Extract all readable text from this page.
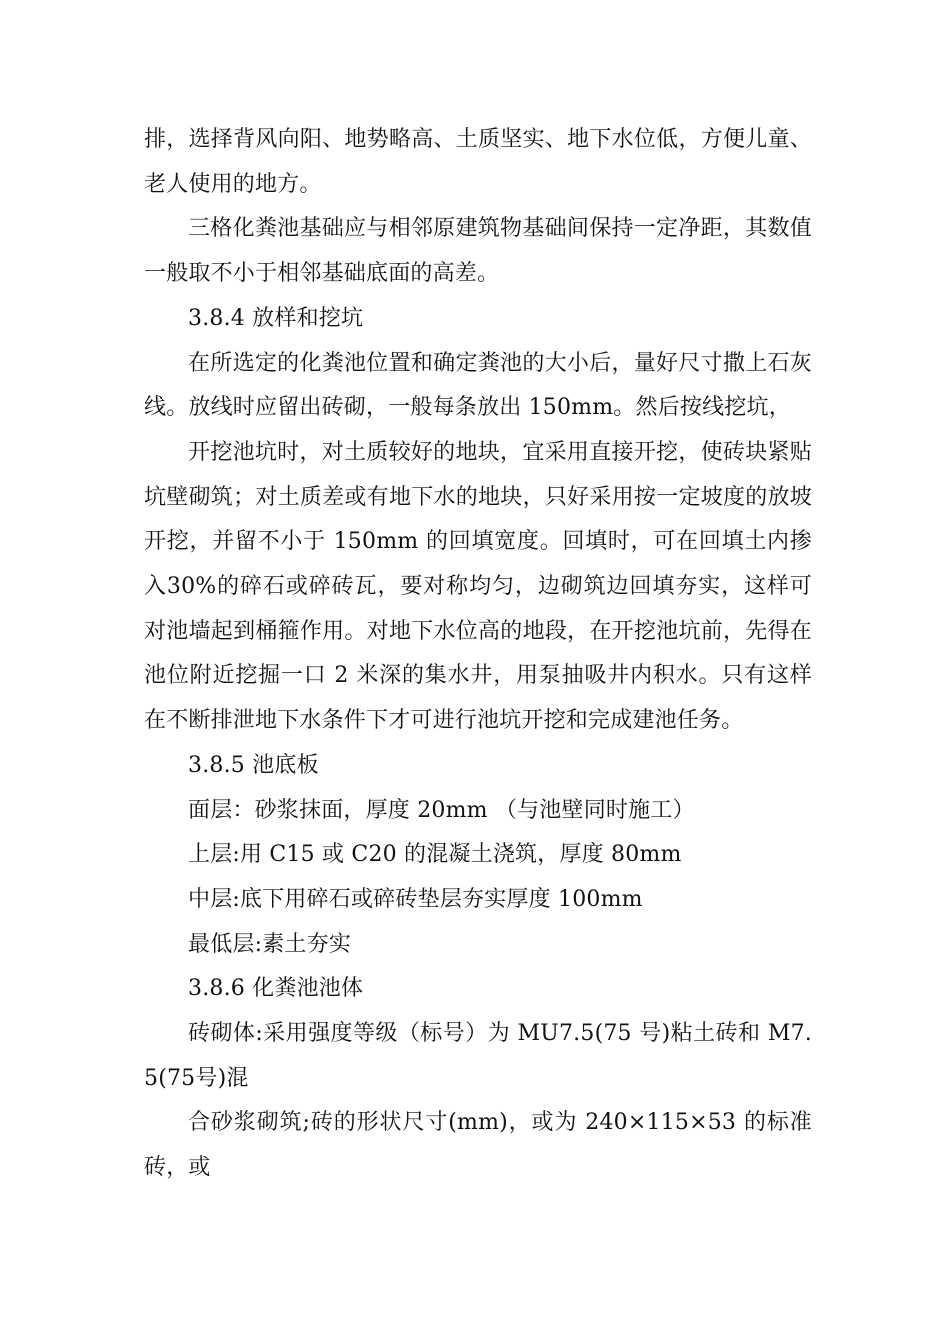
排，选择背风向阳、地势略高、土质坚实、地下水位低，方便儿童、老人使用的地方。

三格化粪池基础应与相邻原建筑物基础间保持一定净距，其数值一般取不小于相邻基础底面的高差。

3.8.4 放样和挖坑

在所选定的化粪池位置和确定粪池的大小后，量好尺寸撒上石灰线。放线时应留出砖砌，一般每条放出 150mm。然后按线挖坑，

开挖池坑时，对土质较好的地块，宜采用直接开挖，使砖块紧贴坑壁砌筑；对土质差或有地下水的地块，只好采用按一定坡度的放坡开挖，并留不小于 150mm 的回填宽度。回填时，可在回填土内掺入30%的碎石或碎砖瓦，要对称均匀，边砌筑边回填夯实，这样可对池墙起到桶箍作用。对地下水位高的地段，在开挖池坑前，先得在池位附近挖掘一口 2 米深的集水井，用泵抽吸井内积水。只有这样在不断排泄地下水条件下才可进行池坑开挖和完成建池任务。

3.8.5 池底板

面层：砂浆抹面，厚度 20mm （与池壁同时施工）

上层:用 C15 或 C20 的混凝土浇筑，厚度 80mm

中层:底下用碎石或碎砖垫层夯实厚度 100mm

最低层:素土夯实

3.8.6 化粪池池体

砖砌体:采用强度等级（标号）为 MU7.5(75 号)粘土砖和 M7.5(75号)混

合砂浆砌筑;砖的形状尺寸(mm)，或为 240×115×53 的标准砖，或
